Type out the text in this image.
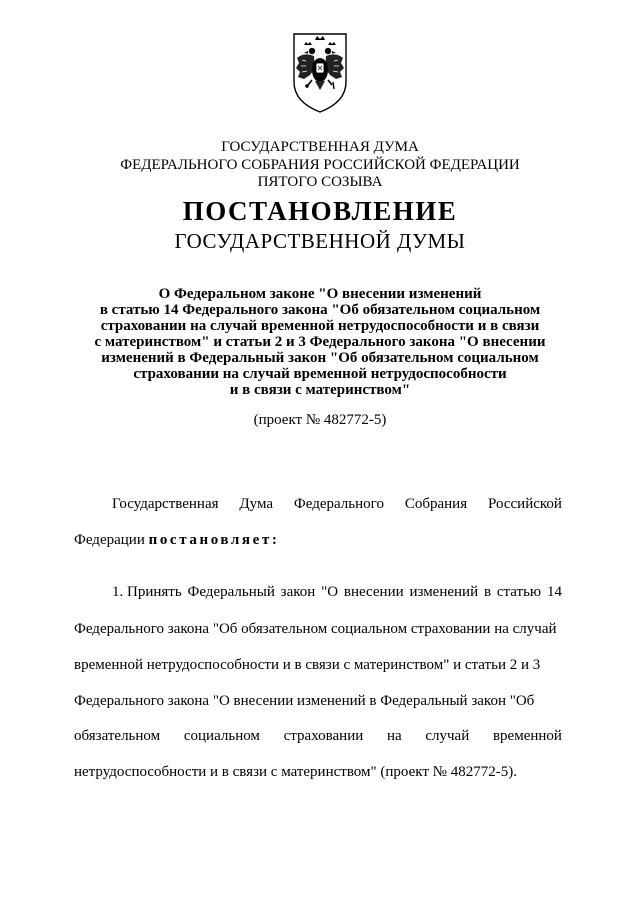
ГОСУДАРСТВЕННАЯ ДУМА
ФЕДЕРАЛЬНОГО СОБРАНИЯ РОССИЙСКОЙ ФЕДЕРАЦИИ
ПЯТОГО СОЗЫВА
ПОСТАНОВЛЕНИЕ
ГОСУДАРСТВЕННОЙ ДУМЫ
О Федеральном законе "О внесении изменений
в статью 14 Федерального закона "Об обязательном социальном
страховании на случай временной нетрудоспособности и в связи
с материнством" и статьи 2 и 3 Федерального закона "О внесении
изменений в Федеральный закон "Об обязательном социальном
страховании на случай временной нетрудоспособности
и в связи с материнством"
(проект № 482772-5)
Государственная Дума Федерального Собрания Российской
Федерации постановляет:
1. Принять Федеральный закон "О внесении изменений в статью 14
Федерального закона "Об обязательном социальном страховании на случай
временной нетрудоспособности и в связи с материнством" и статьи 2 и 3
Федерального закона "О внесении изменений в Федеральный закон "Об
обязательном социальном страховании на случай временной
нетрудоспособности и в связи с материнством" (проект № 482772-5).
